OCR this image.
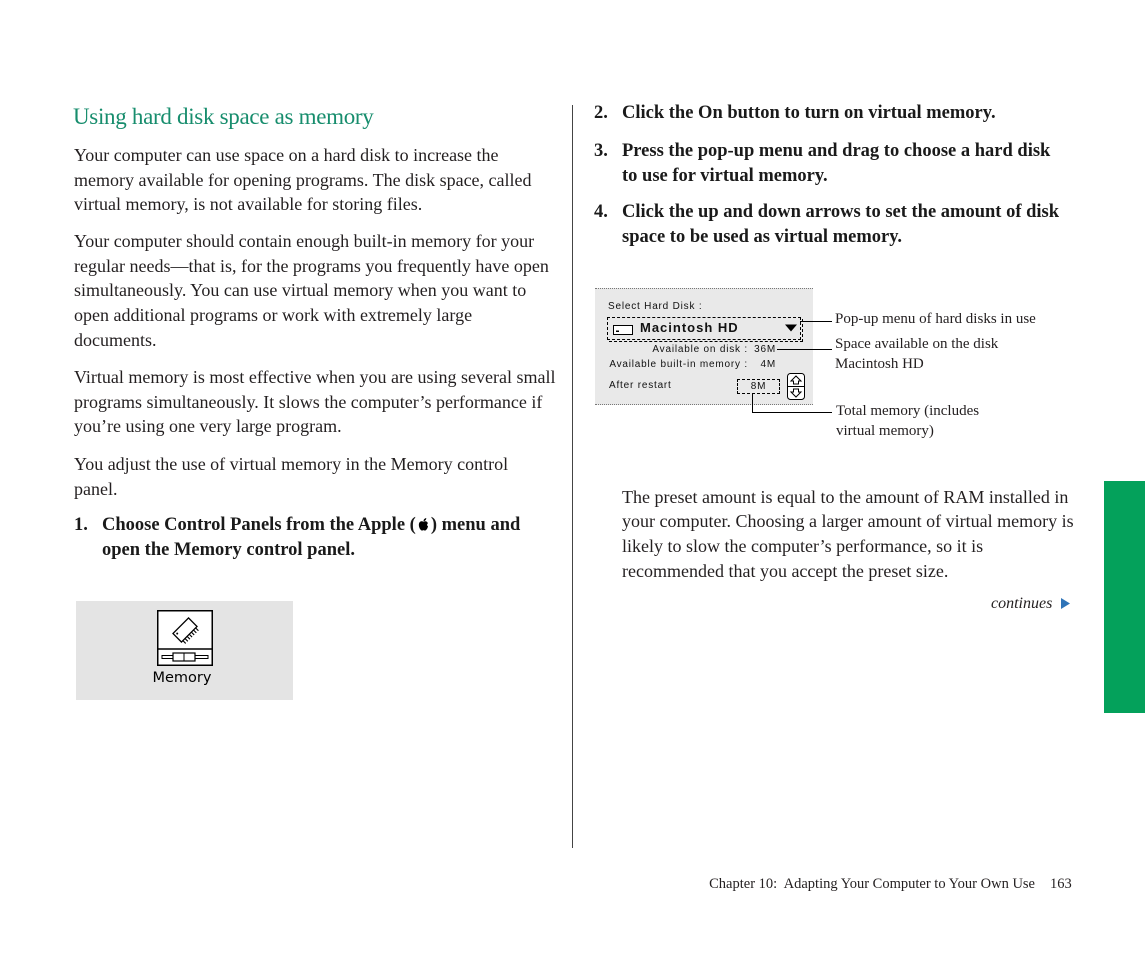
Using hard disk space as memory
Your computer can use space on a hard disk to increase the
memory available for opening programs. The disk space, called
virtual memory, is not available for storing files.
Your computer should contain enough built-in memory for your
regular needs—that is, for the programs you frequently have open
simultaneously. You can use virtual memory when you want to
open additional programs or work with extremely large
documents.
Virtual memory is most effective when you are using several small
programs simultaneously. It slows the computer’s performance if
you’re using one very large program.
You adjust the use of virtual memory in the Memory control
panel.
1. Choose Control Panels from the Apple ( ) menu and
open the Memory control panel.
Memory
2. Click the On button to turn on virtual memory.
3. Press the pop-up menu and drag to choose a hard disk
to use for virtual memory.
4. Click the up and down arrows to set the amount of disk
space to be used as virtual memory.
Select Hard Disk :
Macintosh HD
Available on disk : 36M
Available built-in memory :	4M
After restart	8M
Pop-up menu of hard disks in use
Space available on the disk
Macintosh HD
Total memory (includes
virtual memory)
The preset amount is equal to the amount of RAM installed in
your computer. Choosing a larger amount of virtual memory is
likely to slow the computer’s performance, so it is
recommended that you accept the preset size.
continues
Chapter 10:  Adapting Your Computer to Your Own Use 163
